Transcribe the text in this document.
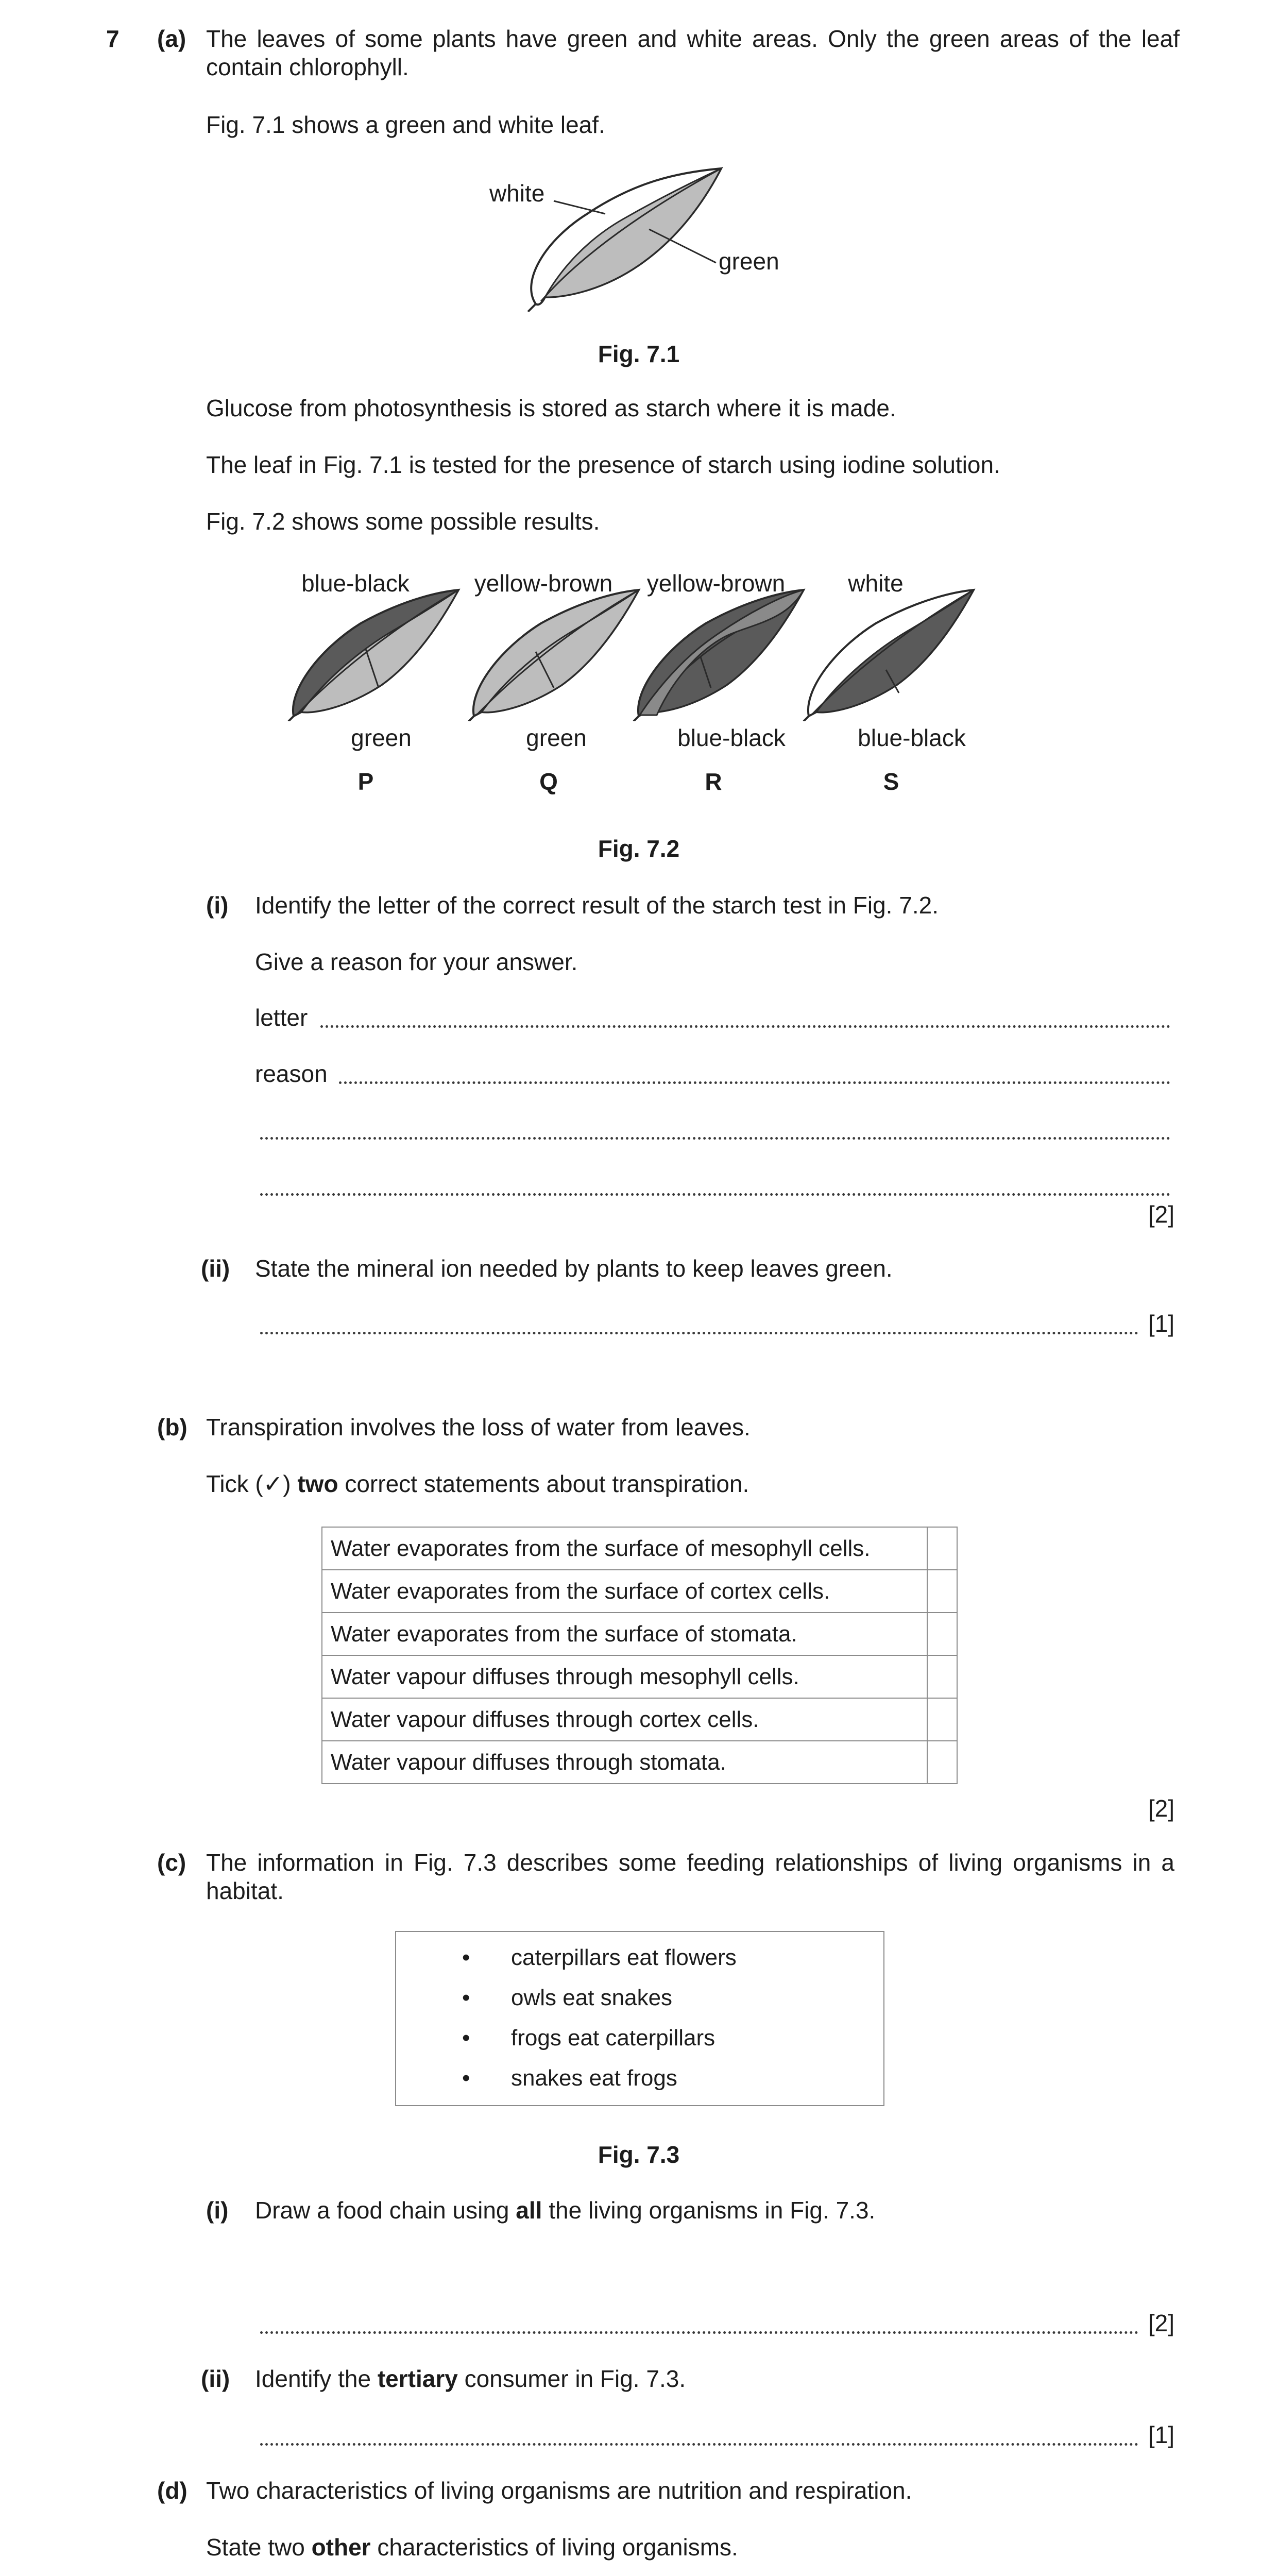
7 (a) The leaves of some plants have green and white areas. Only the green areas of the leaf
contain chlorophyll.
Fig. 7.1 shows a green and white leaf.
white
green
Fig. 7.1
Glucose from photosynthesis is stored as starch where it is made.
The leaf in Fig. 7.1 is tested for the presence of starch using iodine solution.
Fig. 7.2 shows some possible results.
blue-black	yellow-brown	yellow-brown	white
green	green	blue-black	blue-black
P	Q	R	S
Fig. 7.2
(i) Identify the letter of the correct result of the starch test in Fig. 7.2.
Give a reason for your answer.
letter
reason
[2]
(ii) State the mineral ion needed by plants to keep leaves green.
[1]
(b) Transpiration involves the loss of water from leaves.
Tick (✓) two correct statements about transpiration.
Water evaporates from the surface of mesophyll cells.	
Water evaporates from the surface of cortex cells.	
Water evaporates from the surface of stomata.	
Water vapour diffuses through mesophyll cells.	
Water vapour diffuses through cortex cells.	
Water vapour diffuses through stomata.	
[2]
(c) The information in Fig. 7.3 describes some feeding relationships of living organisms in a
habitat.
• caterpillars eat flowers
• owls eat snakes
• frogs eat caterpillars
• snakes eat frogs
Fig. 7.3
(i) Draw a food chain using all the living organisms in Fig. 7.3.
[2]
(ii) Identify the tertiary consumer in Fig. 7.3.
[1]
(d) Two characteristics of living organisms are nutrition and respiration.
State two other characteristics of living organisms.
